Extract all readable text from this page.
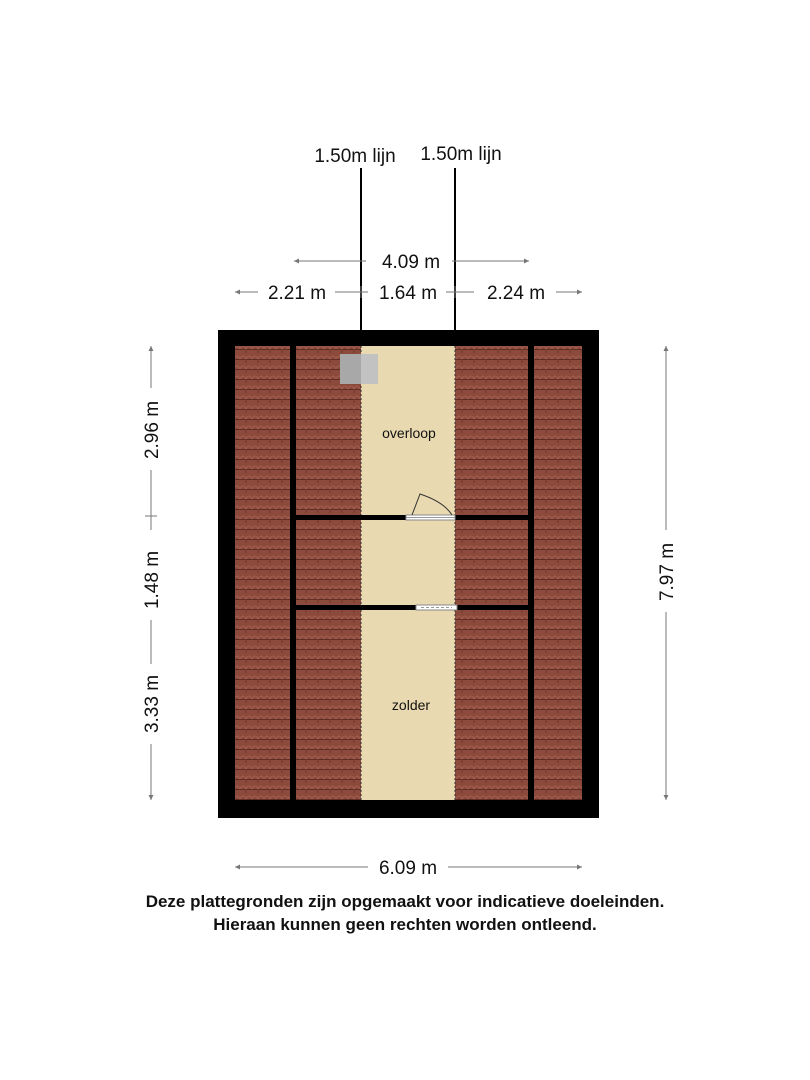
1.50m lijn 1.50m lijn
4.09 m
2.21 m	1.64 m	2.24 m
2.96 m
1.48 m
3.33 m
7.97 m
6.09 m
overloop
zolder
Deze plattegronden zijn opgemaakt voor indicatieve doeleinden.
Hieraan kunnen geen rechten worden ontleend.
